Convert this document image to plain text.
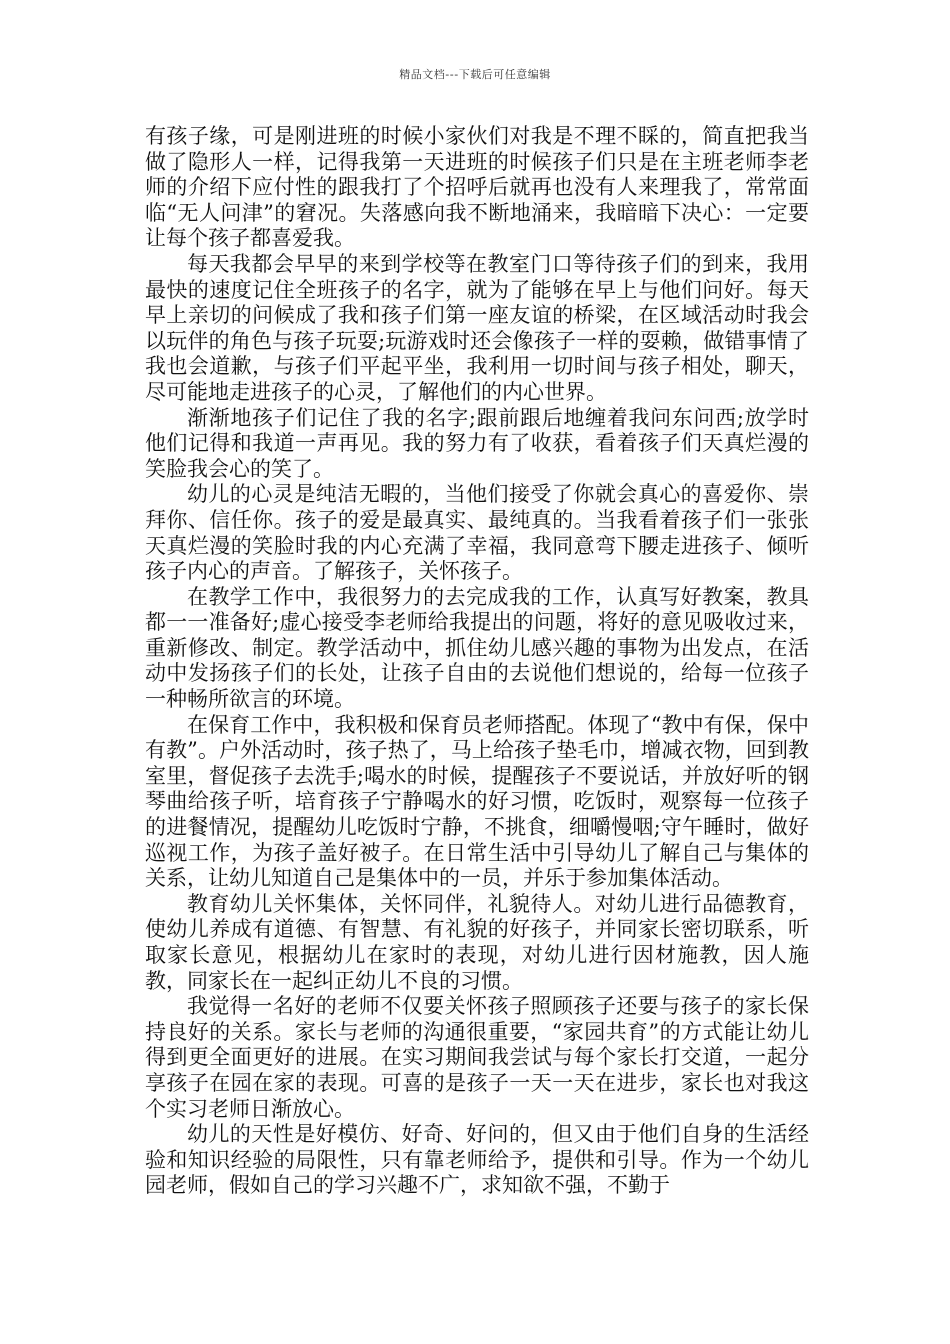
精品文档---下载后可任意编辑

有孩子缘，可是刚进班的时候小家伙们对我是不理不睬的，简直把我当做了隐形人一样，记得我第一天进班的时候孩子们只是在主班老师李老师的介绍下应付性的跟我打了个招呼后就再也没有人来理我了，常常面临“无人问津”的窘况。失落感向我不断地涌来，我暗暗下决心：一定要让每个孩子都喜爱我。

每天我都会早早的来到学校等在教室门口等待孩子们的到来，我用最快的速度记住全班孩子的名字，就为了能够在早上与他们问好。每天早上亲切的问候成了我和孩子们第一座友谊的桥梁，在区域活动时我会以玩伴的角色与孩子玩耍;玩游戏时还会像孩子一样的耍赖，做错事情了我也会道歉，与孩子们平起平坐，我利用一切时间与孩子相处，聊天，尽可能地走进孩子的心灵，了解他们的内心世界。

渐渐地孩子们记住了我的名字;跟前跟后地缠着我问东问西;放学时他们记得和我道一声再见。我的努力有了收获，看着孩子们天真烂漫的笑脸我会心的笑了。

幼儿的心灵是纯洁无暇的，当他们接受了你就会真心的喜爱你、崇拜你、信任你。孩子的爱是最真实、最纯真的。当我看着孩子们一张张天真烂漫的笑脸时我的内心充满了幸福，我同意弯下腰走进孩子、倾听孩子内心的声音。了解孩子，关怀孩子。

在教学工作中，我很努力的去完成我的工作，认真写好教案，教具都一一准备好;虚心接受李老师给我提出的问题，将好的意见吸收过来，重新修改、制定。教学活动中，抓住幼儿感兴趣的事物为出发点，在活动中发扬孩子们的长处，让孩子自由的去说他们想说的，给每一位孩子一种畅所欲言的环境。

在保育工作中，我积极和保育员老师搭配。体现了“教中有保，保中有教”。户外活动时，孩子热了，马上给孩子垫毛巾，增减衣物，回到教室里，督促孩子去洗手;喝水的时候，提醒孩子不要说话，并放好听的钢琴曲给孩子听，培育孩子宁静喝水的好习惯，吃饭时，观察每一位孩子的进餐情况，提醒幼儿吃饭时宁静，不挑食，细嚼慢咽;守午睡时，做好巡视工作，为孩子盖好被子。在日常生活中引导幼儿了解自己与集体的关系，让幼儿知道自己是集体中的一员，并乐于参加集体活动。

教育幼儿关怀集体，关怀同伴，礼貌待人。对幼儿进行品德教育，使幼儿养成有道德、有智慧、有礼貌的好孩子，并同家长密切联系，听取家长意见，根据幼儿在家时的表现，对幼儿进行因材施教，因人施教，同家长在一起纠正幼儿不良的习惯。

我觉得一名好的老师不仅要关怀孩子照顾孩子还要与孩子的家长保持良好的关系。家长与老师的沟通很重要，“家园共育”的方式能让幼儿得到更全面更好的进展。在实习期间我尝试与每个家长打交道，一起分享孩子在园在家的表现。可喜的是孩子一天一天在进步，家长也对我这个实习老师日渐放心。

幼儿的天性是好模仿、好奇、好问的，但又由于他们自身的生活经验和知识经验的局限性，只有靠老师给予，提供和引导。作为一个幼儿园老师，假如自己的学习兴趣不广，求知欲不强，不勤于
